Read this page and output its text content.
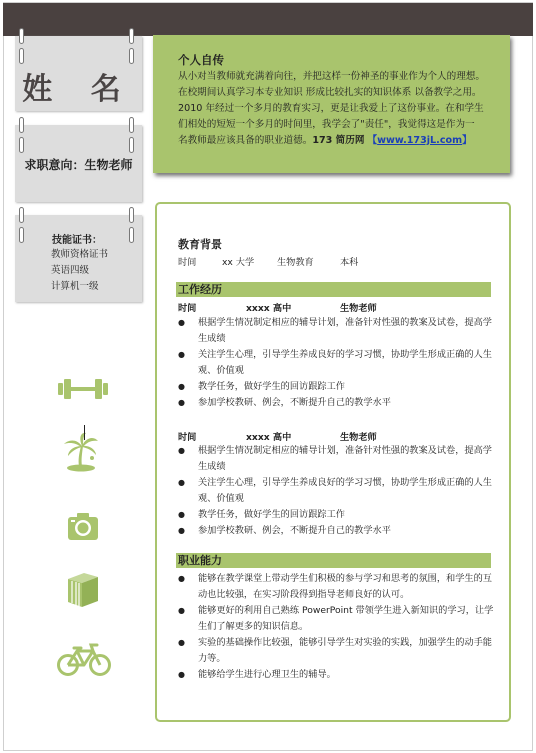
姓 名
求职意向：生物老师
技能证书：
教师资格证书
英语四级
计算机一级
个人自传
从小对当教师就充满着向往，并把这样一份神圣的事业作为个人的理想。
在校期间认真学习本专业知识 形成比较扎实的知识体系 以备教学之用。
2010 年经过一个多月的教育实习，更是让我爱上了这份事业。在和学生
们相处的短短一个多月的时间里，我学会了"责任"，我觉得这是作为一
名教师最应该具备的职业道德。173 简历网 【www.173jL.com】
教育背景
时间	xx 大学 生物教育	本科
工作经历
时间	xxxx 高中	生物老师
● 根据学生情况制定相应的辅导计划，准备针对性强的教案及试卷，提高学生成绩
● 关注学生心理，引导学生养成良好的学习习惯，协助学生形成正确的人生观、价值观
● 教学任务，做好学生的回访跟踪工作
● 参加学校教研、例会，不断提升自己的教学水平
时间	xxxx 高中	生物老师
● 根据学生情况制定相应的辅导计划，准备针对性强的教案及试卷，提高学生成绩
● 关注学生心理，引导学生养成良好的学习习惯，协助学生形成正确的人生观、价值观
● 教学任务，做好学生的回访跟踪工作
● 参加学校教研、例会，不断提升自己的教学水平
职业能力
● 能够在教学课堂上带动学生们积极的参与学习和思考的氛围，和学生的互动也比较强，在实习阶段得到指导老师良好的认可。
● 能够更好的利用自己熟练 PowerPoint 带领学生进入新知识的学习，让学生们了解更多的知识信息。
● 实验的基础操作比较强，能够引导学生对实验的实践，加强学生的动手能力等。
● 能够给学生进行心理卫生的辅导。
